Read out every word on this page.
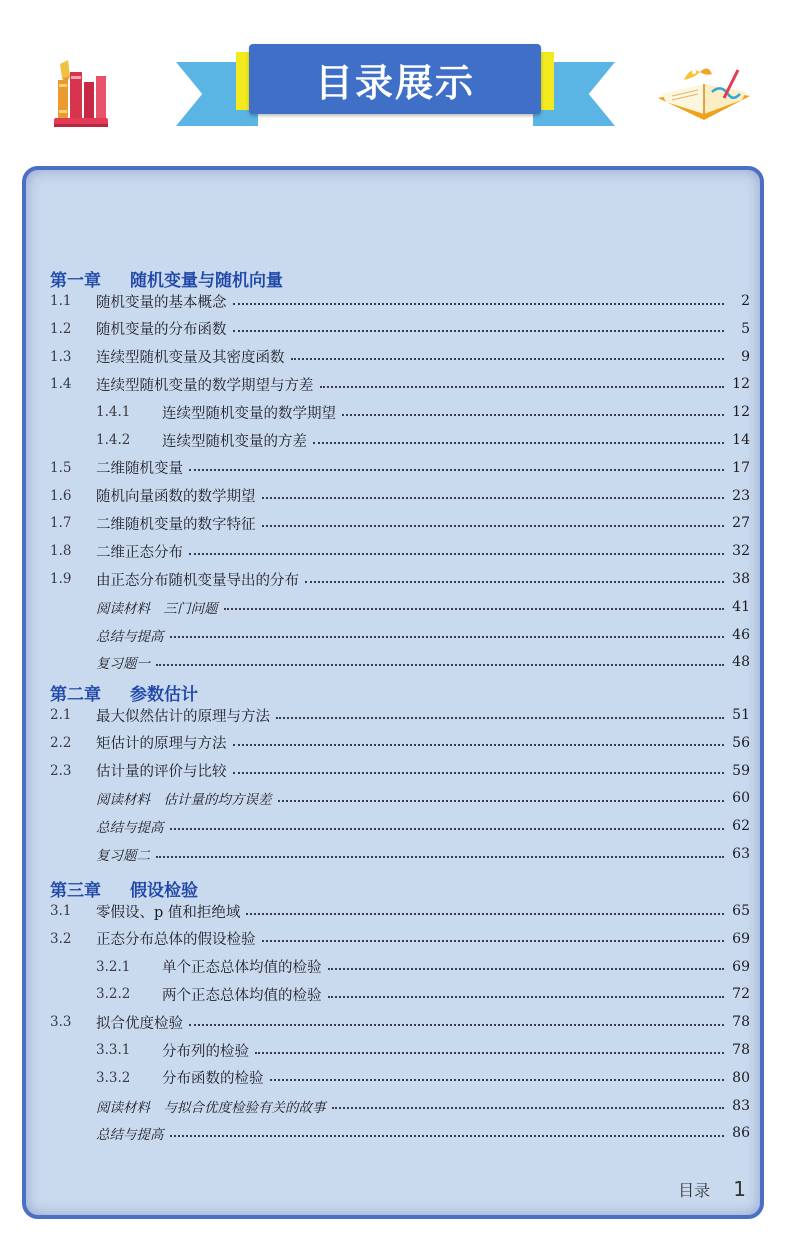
目录展示
第一章 随机变量与随机向量
1.1	随机变量的基本概念	2
1.2	随机变量的分布函数	5
1.3	连续型随机变量及其密度函数	9
1.4	连续型随机变量的数学期望与方差	12
1.4.1	连续型随机变量的数学期望	12
1.4.2	连续型随机变量的方差	14
1.5	二维随机变量	17
1.6	随机向量函数的数学期望	23
1.7	二维随机变量的数字特征	27
1.8	二维正态分布	32
1.9	由正态分布随机变量导出的分布	38
阅读材料　三门问题	41
总结与提高	46
复习题一	48
第二章 参数估计
2.1	最大似然估计的原理与方法	51
2.2	矩估计的原理与方法	56
2.3	估计量的评价与比较	59
阅读材料　估计量的均方误差	60
总结与提高	62
复习题二	63
第三章 假设检验
3.1	零假设、p 值和拒绝域	65
3.2	正态分布总体的假设检验	69
3.2.1	单个正态总体均值的检验	69
3.2.2	两个正态总体均值的检验	72
3.3	拟合优度检验	78
3.3.1	分布列的检验	78
3.3.2	分布函数的检验	80
阅读材料　与拟合优度检验有关的故事	83
总结与提高	86
目录 1
